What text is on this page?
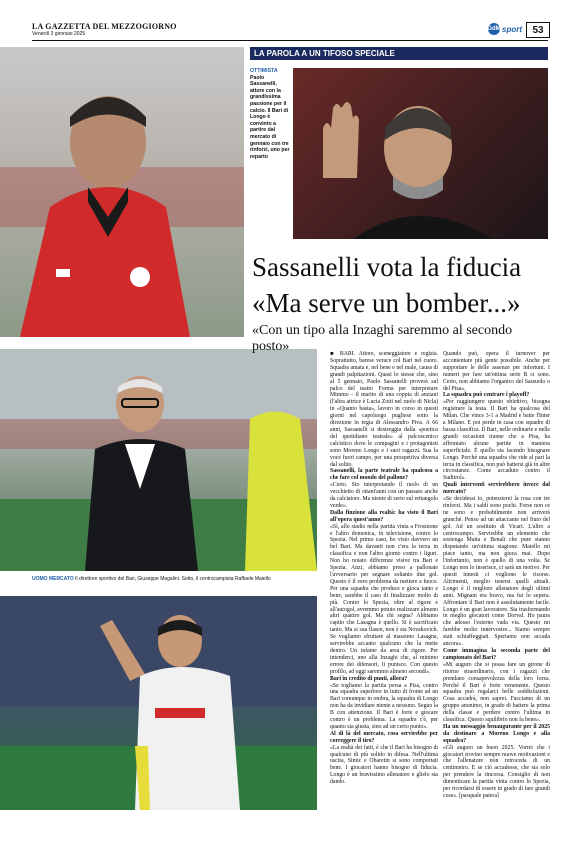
LA GAZZETTA DEL MEZZOGIORNO
Venerdì 3 gennaio 2025
GdM sport	53
LA PAROLA A UN TIFOSO SPECIALE
OTTIMISTA
Paolo Sassanelli, attore con la grandissima passione per il calcio. Il Bari di Longo è convinto a partire dal mercato di gennaio con tre rinforzi, uno per reparto
UOMO MERCATO Il direttore sportivo del Bari, Giuseppe Magalini. Sotto, il centrocampista Raffaele Maiello
Sassanelli vota la fiducia
«Ma serve un bomber...»
«Con un tipo alla Inzaghi saremmo al secondo posto»	■ BARI. Attore, sceneggiatore e regista. Soprattutto, barese verace col Bari nel cuore. Squadra amata e, nel bene e nel male, causa di grandi palpitazioni. Quasi lo stesse che, sino al 5 gennaio, Paolo Sassanelli proverà sul palco del teatro Forma per interpretare Mimmo - il marito di una coppia di anziani (l'altra attrice è Lucia Zotti nel ruolo di Nicla) in «Quanto basta», lavoro in corso in questi giorni nel capoluogo pugliese sotto la direzione in regia di Alessandro Piva. A 66 anni, Sassanelli si destreggia dalla «poetica del quotidiano teatrale» al palcoscenico calcistico dove le compagini e i protagonisti sono Moreno Longo e i suoi ragazzi. Sua la voce fuori campo, per una prospettiva diversa dal solito.

Sassanelli, la parte teatrale ha qualcosa a che fare col mondo del pallone?

«Certo. Sto interpretando il ruolo di un vecchietto di ottant'anni con un passato anche da calciatore. Ma niente di serio sul rettangolo verde».

Dalla finzione alla realtà: ha visto il Bari all'opera quest'anno?

«Sì, allo stadio nella partita vinta a Frosinone e l'altro domenica, in televisione, contro lo Spezia. Nel primo caso, ho visto davvero un bel Bari. Ma davanti non c'era la terza in classifica e non l'altro giorno contro i liguri. Non ho notato differenze visive tra Bari e Spezia. Anzi, abbiamo preso a pallonate l'avversario per segnare soltanto due gol. Questo è il vero problema da mettere a fuoco. Per una squadra che produce e gioca tanto e bene, sarebbe il caso di finalizzare molto di più. Contro lo Spezia, oltre al rigore e all'autogol, avremmo potuto realizzare almeno altri quattro gol. Ma chi segna? Abbiamo capito che Lasagna è quello. Si è sacrificato tanto. Ma si sua flasen, non è sta Novakovich. Se vogliamo sfruttare al massimo Lasagna, servirebbe accanto qualcuno che la mette dentro. Un infame da area di rigore. Per intenderci, uno alla Inzaghi che, al minimo errore dei difensori, li punisce. Con questo profilo, ad oggi saremmo almeno secondi».

Bari in credito di punti, allora?

«Se togliamo la partita persa a Pisa, contro una squadra superiore in tutto di fronte ad un Bari comunque in ombra, la squadra di Longo non ha da invidiare niente a nessuno. Seguo la B con attenzione. Il Bari è forte e giocare contro è un problema. La squadra c'è, per quanto sia giusta, sino ad un certo punto».

Al di là del mercato, cosa servirebbe per correggere il tiro?

«La realtà dei fatti, è che il Bari ha bisogno di qualcuno di più solido in difesa. Nell'ultima uscita, Simic e Obaretin si sono comportati bene. I giocatori hanno bisogno di fiducia. Longo è un bravissimo allenatore e glielo sta dando.

Quando può, opera il turnover per accontentare più gente possibile. Anche per supportare le delle assenze per infortuni. I numeri per fare un'ottima serie B ci sono. Certo, non abbiamo l'organico del Sassuolo o del Pisa».

La squadra può centrare i playoff?

«Per raggiungere questo obiettivo, bisogna registrare la testa. Il Bari ha qualcosa del Milan. Che vince 3-1 a Madrid e batte l'Inter a Milano. E poi perde in casa con squadre di bassa classifica. Il Bari, nelle ordinarie e nelle grandi occasioni tranne che a Pisa, ha affrontato alcune partite in maniera superficiale. È quello sta facendo bisognare Longo. Perché una squadra che ride al pari la terza in classifica, non può battersi già in altre circostanze. Come accaduto contro il Sudtirol».

Quali interventi servirebbero invece dal mercato?

«Se decidessi io, potenzierei la rosa con tre rinforzi. Ma i saldi sono pochi. Forse non ce ne sono e probabilmente non arriverà granché. Penso ad un attaccante nel fiuto del gol. Ad un sostituto di Vicari. L'altro a centrocampo. Servirebbe un elemento che sostenga Maita e Benali che pure stanno disputando un'ottima stagione. Maiello mi piace tanto, ma non gioca mai. Dopo l'infortunio, non è quello di una volta. Se Longo non lo inserisce, ci sarà un motivo. Per questi innesti ci vogliono le risorse. Altrimenti, meglio tenersi quelli attuali. Longo è il migliore allenatore degli ultimi anni. Mignani era bravo, ma fui lo supera. Affrontare il Bari non è assolutamente facile. Longo è un gran lavoratore. Sta trasformando in meglio giocatori come Dorval. Ho paura che adesso l'esterno vada via. Questo mi farebbe molto innervosire... Siamo sempre stati schiaffeggiati. Speriamo non accada ancora».

Come immagina la seconda parte del campionato del Bari?

«Mi auguro che si possa fare un girone di ritorno straordinario, con i ragazzi che prendano consapevolezza della loro forza. Perché il Bari è forte veramente. Questo squadra può regalarci belle soddisfazioni. Cosa accadrà, non saprei. Facciamo di un gruppo anonimo, in grado di battere la prima della classe e perdere contro l'ultima in classifica. Questo squilibrio non fa bene».

Ha un messaggio benaugurante per il 2025 da destinare a Moreno Longo e alla squadra?

«Gli auguro un buon 2025. Vorrei che i giocatori trovino sempre nuove motivazioni e che l'allenatore non retroceda di un centimetro. E se ciò accadesse, che sia solo per prendere la rincorsa. Consiglio di non dimenticare la partita vinta contro lo Spezia, per ricordarsi di essere in grado di fare grandi cose». [pasquale patera]
